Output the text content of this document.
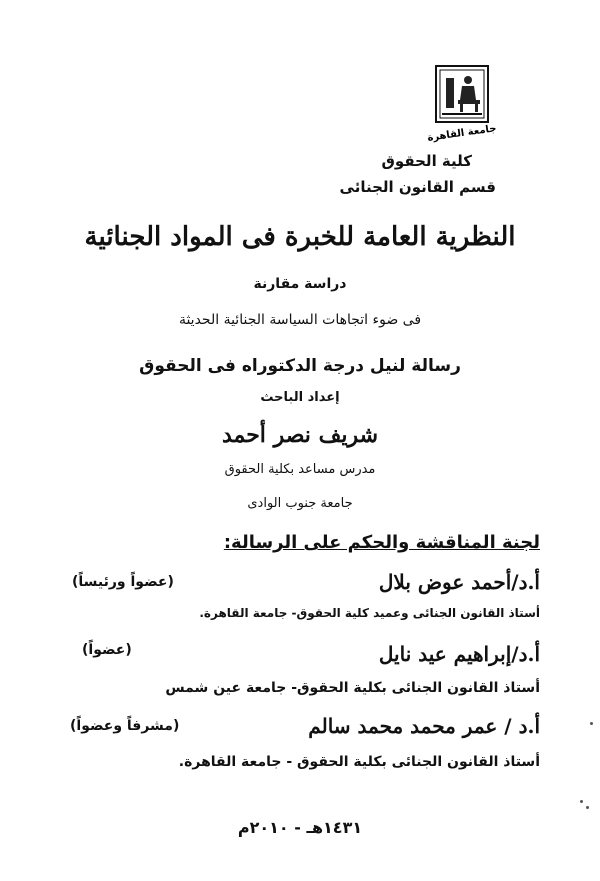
جامعة القاهرة
كلية الحقوق
قسم القانون الجنائى
النظرية العامة للخبرة فى المواد الجنائية
دراسة مقارنة
فى ضوء اتجاهات السياسة الجنائية الحديثة
رسالة لنيل درجة الدكتوراه فى الحقوق
إعداد الباحث
شريف نصر أحمد
مدرس مساعد بكلية الحقوق
جامعة جنوب الوادى
لجنة المناقشة والحكم على الرسالة:
أ.د/أحمد عوض بلال
(عضواً ورئيساً)
أستاذ القانون الجنائى وعميد كلية الحقوق- جامعة القاهرة.
أ.د/إبراهيم عيد نايل
(عضواً)
أستاذ القانون الجنائى بكلية الحقوق- جامعة عين شمس
أ.د / عمر محمد محمد سالم
(مشرفاً وعضواً)
أستاذ القانون الجنائى بكلية الحقوق - جامعة القاهرة.
١٤٣١هـ - ٢٠١٠م
